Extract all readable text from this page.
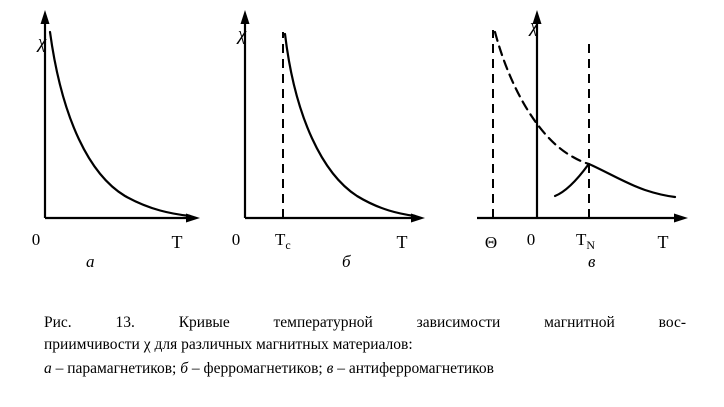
χ
0	T
а
χ
0 $T_c$	T
б
χ
Θ 0 $T_N$	T
в
Рис. 13. Кривые температурной зависимости магнитной вос-
приимчивости χ для различных магнитных материалов:
а – парамагнетиков; б – ферромагнетиков; в – антиферромагнетиков
